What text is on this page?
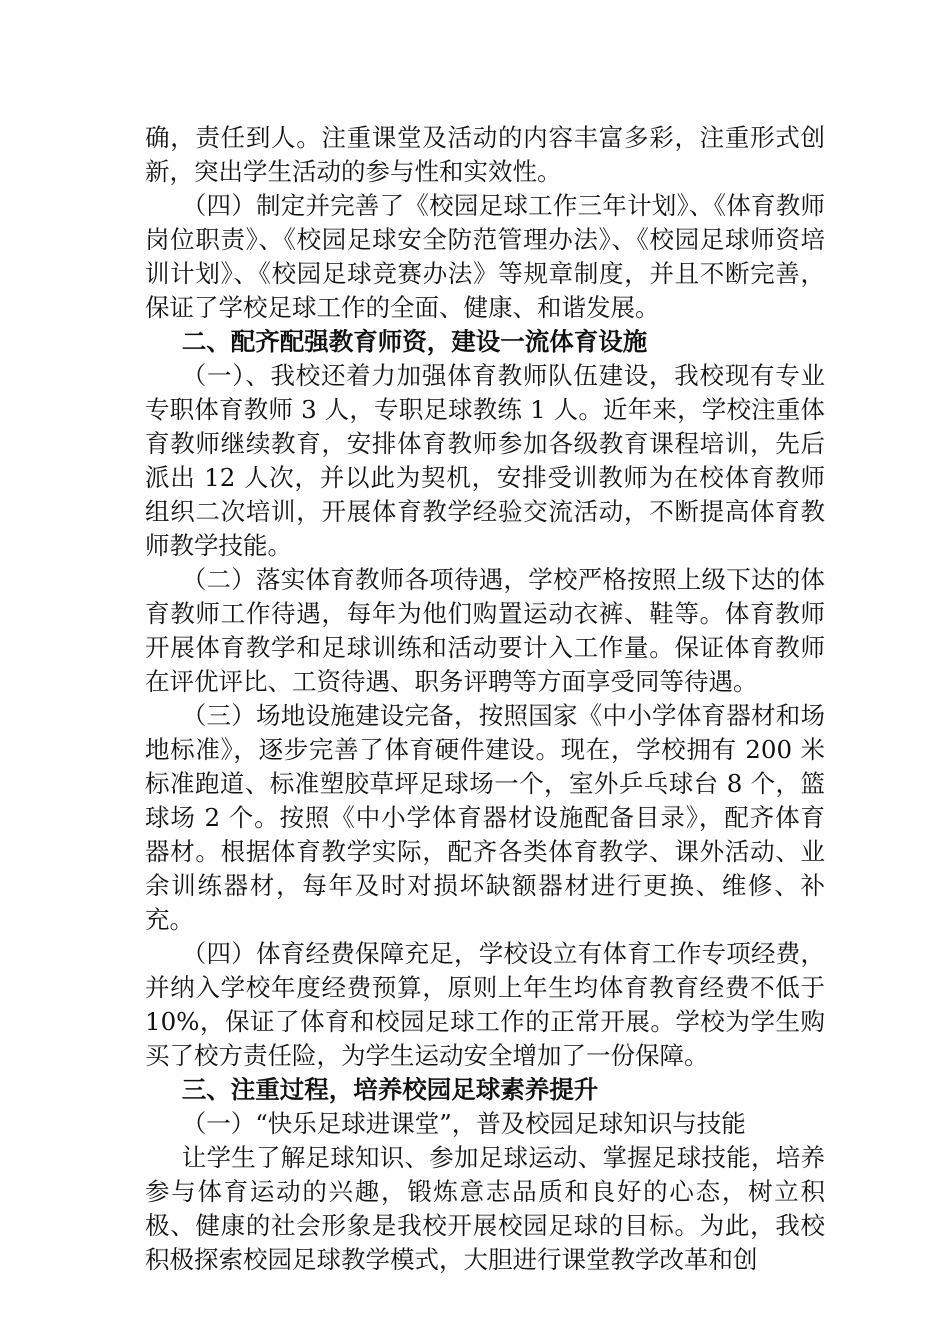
确，责任到人。注重课堂及活动的内容丰富多彩，注重形式创新，突出学生活动的参与性和实效性。

（四）制定并完善了《校园足球工作三年计划》、《体育教师岗位职责》、《校园足球安全防范管理办法》、《校园足球师资培训计划》、《校园足球竞赛办法》等规章制度，并且不断完善，保证了学校足球工作的全面、健康、和谐发展。

二、配齐配强教育师资，建设一流体育设施

（一）、我校还着力加强体育教师队伍建设，我校现有专业专职体育教师 3 人，专职足球教练 1 人。近年来，学校注重体育教师继续教育，安排体育教师参加各级教育课程培训，先后派出 12 人次，并以此为契机，安排受训教师为在校体育教师组织二次培训，开展体育教学经验交流活动，不断提高体育教师教学技能。

（二）落实体育教师各项待遇，学校严格按照上级下达的体育教师工作待遇，每年为他们购置运动衣裤、鞋等。体育教师 开展体育教学和足球训练和活动要计入工作量。保证体育教师在评优评比、工资待遇、职务评聘等方面享受同等待遇。

（三）场地设施建设完备，按照国家《中小学体育器材和场地标准》，逐步完善了体育硬件建设。现在，学校拥有 200 米标准跑道、标准塑胶草坪足球场一个，室外乒乓球台 8 个，篮球场 2 个。按照《中小学体育器材设施配备目录》，配齐体育器材。根据体育教学实际，配齐各类体育教学、课外活动、业余训练器材，每年及时对损坏缺额器材进行更换、维修、补充。

（四）体育经费保障充足，学校设立有体育工作专项经费，并纳入学校年度经费预算，原则上年生均体育教育经费不低于 10%，保证了体育和校园足球工作的正常开展。学校为学生购买了校方责任险，为学生运动安全增加了一份保障。

三、注重过程，培养校园足球素养提升

（一）“快乐足球进课堂”，普及校园足球知识与技能

让学生了解足球知识、参加足球运动、掌握足球技能，培养参与体育运动的兴趣，锻炼意志品质和良好的心态，树立积极、健康的社会形象是我校开展校园足球的目标。为此，我校积极探索校园足球教学模式，大胆进行课堂教学改革和创
